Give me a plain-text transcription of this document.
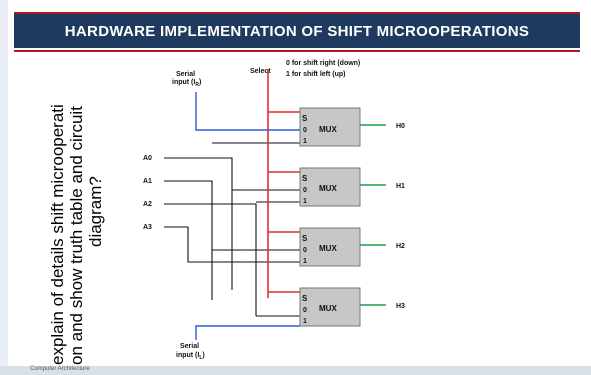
HARDWARE IMPLEMENTATION OF SHIFT MICROOPERATIONS
Select
0 for shift right (down)
1 for shift left (up)
Serial
input $(I_R)$
Serial
input $(I_L)$
A0
A1
A2
A3
S
0
1
MUX
S
0
1
MUX
S
0
1
MUX
S
0
1
MUX
H0
H1
H2
H3
explain of details shift microoperati on and show truth table and circuit diagram?
Computer Architecture
